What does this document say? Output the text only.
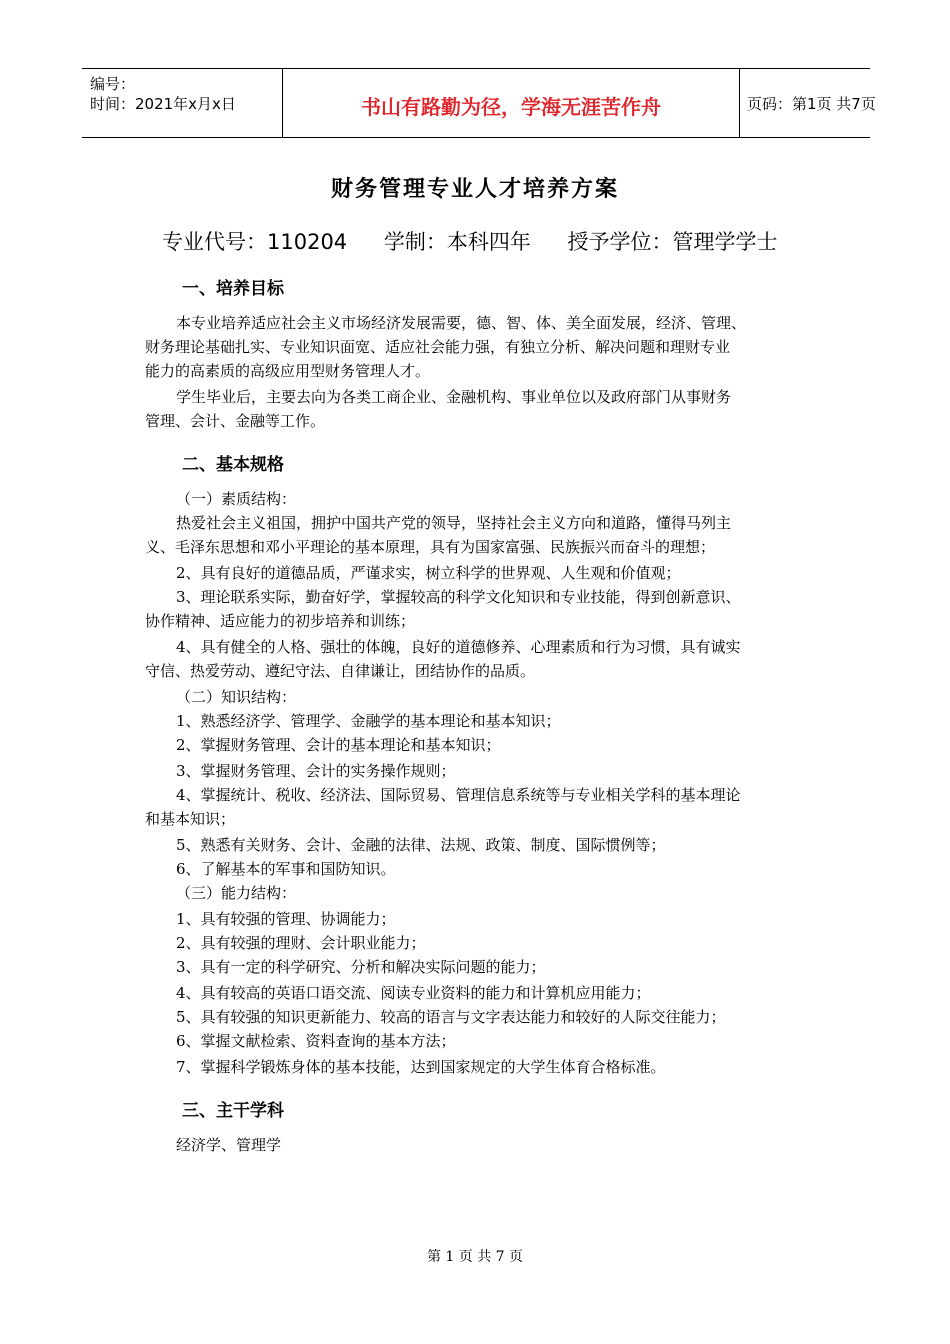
编号：
时间：2021年x月x日	书山有路勤为径，学海无涯苦作舟	页码：第1页 共7页
财务管理专业人才培养方案
专业代号：110204 学制：本科四年 授予学位：管理学学士
一、培养目标
本专业培养适应社会主义市场经济发展需要，德、智、体、美全面发展，经济、管理、
财务理论基础扎实、专业知识面宽、适应社会能力强，有独立分析、解决问题和理财专业
能力的高素质的高级应用型财务管理人才。
学生毕业后，主要去向为各类工商企业、金融机构、事业单位以及政府部门从事财务
管理、会计、金融等工作。
二、基本规格
（一）素质结构：
热爱社会主义祖国，拥护中国共产党的领导，坚持社会主义方向和道路，懂得马列主
义、毛泽东思想和邓小平理论的基本原理，具有为国家富强、民族振兴而奋斗的理想；
2、具有良好的道德品质，严谨求实，树立科学的世界观、人生观和价值观；
3、理论联系实际，勤奋好学，掌握较高的科学文化知识和专业技能，得到创新意识、
协作精神、适应能力的初步培养和训练；
4、具有健全的人格、强壮的体魄，良好的道德修养、心理素质和行为习惯，具有诚实
守信、热爱劳动、遵纪守法、自律谦让，团结协作的品质。
（二）知识结构：
1、熟悉经济学、管理学、金融学的基本理论和基本知识；
2、掌握财务管理、会计的基本理论和基本知识；
3、掌握财务管理、会计的实务操作规则；
4、掌握统计、税收、经济法、国际贸易、管理信息系统等与专业相关学科的基本理论
和基本知识；
5、熟悉有关财务、会计、金融的法律、法规、政策、制度、国际惯例等；
6、了解基本的军事和国防知识。
（三）能力结构：
1、具有较强的管理、协调能力；
2、具有较强的理财、会计职业能力；
3、具有一定的科学研究、分析和解决实际问题的能力；
4、具有较高的英语口语交流、阅读专业资料的能力和计算机应用能力；
5、具有较强的知识更新能力、较高的语言与文字表达能力和较好的人际交往能力；
6、掌握文献检索、资料查询的基本方法；
7、掌握科学锻炼身体的基本技能，达到国家规定的大学生体育合格标准。
三、主干学科
经济学、管理学
第 1 页 共 7 页
